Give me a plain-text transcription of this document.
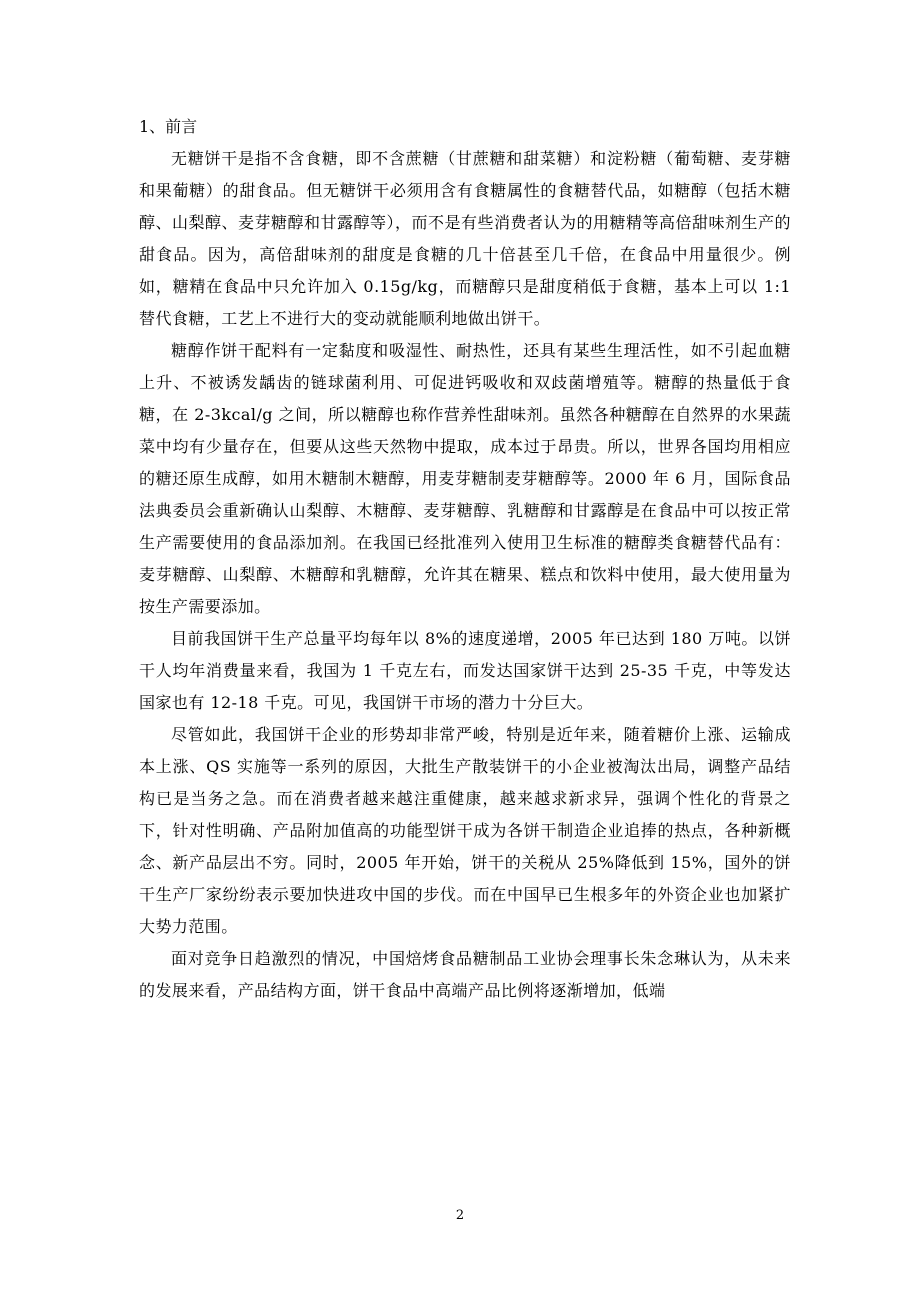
1、前言

无糖饼干是指不含食糖，即不含蔗糖（甘蔗糖和甜菜糖）和淀粉糖（葡萄糖、麦芽糖和果葡糖）的甜食品。但无糖饼干必须用含有食糖属性的食糖替代品，如糖醇（包括木糖醇、山梨醇、麦芽糖醇和甘露醇等），而不是有些消费者认为的用糖精等高倍甜味剂生产的甜食品。因为，高倍甜味剂的甜度是食糖的几十倍甚至几千倍，在食品中用量很少。例如，糖精在食品中只允许加入 0.15g/kg，而糖醇只是甜度稍低于食糖，基本上可以 1:1 替代食糖，工艺上不进行大的变动就能顺利地做出饼干。

糖醇作饼干配料有一定黏度和吸湿性、耐热性，还具有某些生理活性，如不引起血糖上升、不被诱发龋齿的链球菌利用、可促进钙吸收和双歧菌增殖等。糖醇的热量低于食糖，在 2-3kcal/g 之间，所以糖醇也称作营养性甜味剂。虽然各种糖醇在自然界的水果蔬菜中均有少量存在，但要从这些天然物中提取，成本过于昂贵。所以，世界各国均用相应的糖还原生成醇，如用木糖制木糖醇，用麦芽糖制麦芽糖醇等。2000 年 6 月，国际食品法典委员会重新确认山梨醇、木糖醇、麦芽糖醇、乳糖醇和甘露醇是在食品中可以按正常生产需要使用的食品添加剂。在我国已经批准列入使用卫生标准的糖醇类食糖替代品有：麦芽糖醇、山梨醇、木糖醇和乳糖醇，允许其在糖果、糕点和饮料中使用，最大使用量为按生产需要添加。

目前我国饼干生产总量平均每年以 8%的速度递增，2005 年已达到 180 万吨。以饼干人均年消费量来看，我国为 1 千克左右，而发达国家饼干达到 25-35 千克，中等发达国家也有 12-18 千克。可见，我国饼干市场的潜力十分巨大。

尽管如此，我国饼干企业的形势却非常严峻，特别是近年来，随着糖价上涨、运输成本上涨、QS 实施等一系列的原因，大批生产散装饼干的小企业被淘汰出局，调整产品结构已是当务之急。而在消费者越来越注重健康，越来越求新求异，强调个性化的背景之下，针对性明确、产品附加值高的功能型饼干成为各饼干制造企业追捧的热点，各种新概念、新产品层出不穷。同时，2005 年开始，饼干的关税从 25%降低到 15%，国外的饼干生产厂家纷纷表示要加快进攻中国的步伐。而在中国早已生根多年的外资企业也加紧扩大势力范围。

面对竞争日趋激烈的情况，中国焙烤食品糖制品工业协会理事长朱念琳认为，从未来的发展来看，产品结构方面，饼干食品中高端产品比例将逐渐增加，低端

2
